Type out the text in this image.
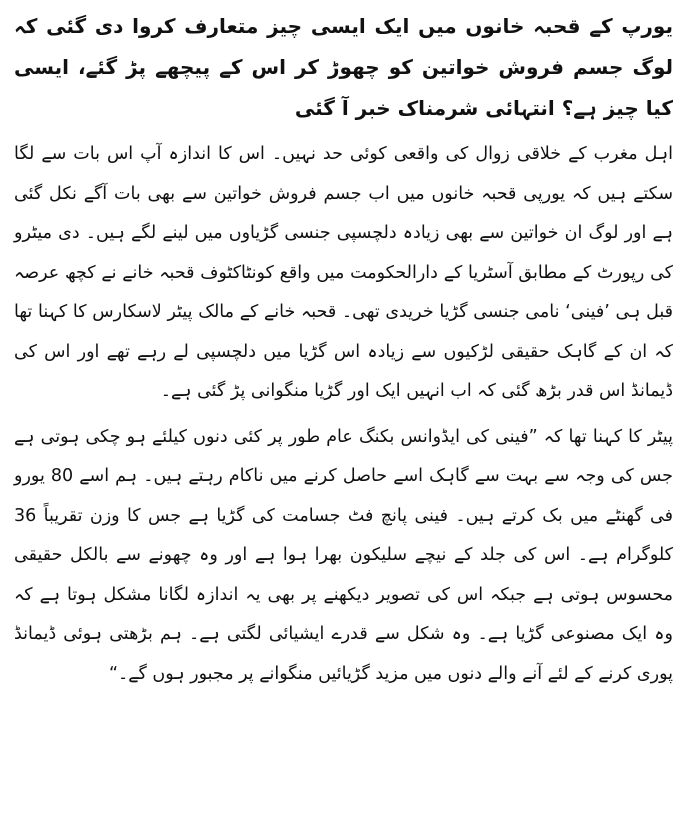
یورپ کے قحبہ خانوں میں ایک ایسی چیز متعارف کروا دی گئی کہ لوگ جسم فروش خواتین کو چھوڑ کر اس کے پیچھے پڑ گئے، ایسی کیا چیز ہے؟ انتہائی شرمناک خبر آ گئی

اہل مغرب کے خلاقی زوال کی واقعی کوئی حد نہیں۔ اس کا اندازہ آپ اس بات سے لگا سکتے ہیں کہ یورپی قحبہ خانوں میں اب جسم فروش خواتین سے بھی بات آگے نکل گئی ہے اور لوگ ان خواتین سے بھی زیادہ دلچسپی جنسی گڑیاوں میں لینے لگے ہیں۔ دی میٹرو کی رپورٹ کے مطابق آسٹریا کے دارالحکومت میں واقع کونٹاکٹوف قحبہ خانے نے کچھ عرصہ قبل ہی ’فینی‘ نامی جنسی گڑیا خریدی تھی۔ قحبہ خانے کے مالک پیٹر لاسکارس کا کہنا تھا کہ ان کے گاہک حقیقی لڑکیوں سے زیادہ اس گڑیا میں دلچسپی لے رہے تھے اور اس کی ڈیمانڈ اس قدر بڑھ گئی کہ اب انہیں ایک اور گڑیا منگوانی پڑ گئی ہے۔

پیٹر کا کہنا تھا کہ ”فینی کی ایڈوانس بکنگ عام طور پر کئی دنوں کیلئے ہو چکی ہوتی ہے جس کی وجہ سے بہت سے گاہک اسے حاصل کرنے میں ناکام رہتے ہیں۔ ہم اسے 80 یورو فی گھنٹے میں بک کرتے ہیں۔ فینی پانچ فٹ جسامت کی گڑیا ہے جس کا وزن تقریباً 36 کلوگرام ہے۔ اس کی جلد کے نیچے سلیکون بھرا ہوا ہے اور وہ چھونے سے بالکل حقیقی محسوس ہوتی ہے جبکہ اس کی تصویر دیکھنے پر بھی یہ اندازہ لگانا مشکل ہوتا ہے کہ وہ ایک مصنوعی گڑیا ہے۔ وہ شکل سے قدرے ایشیائی لگتی ہے۔ ہم بڑھتی ہوئی ڈیمانڈ پوری کرنے کے لئے آنے والے دنوں میں مزید گڑیائیں منگوانے پر مجبور ہوں گے۔“
